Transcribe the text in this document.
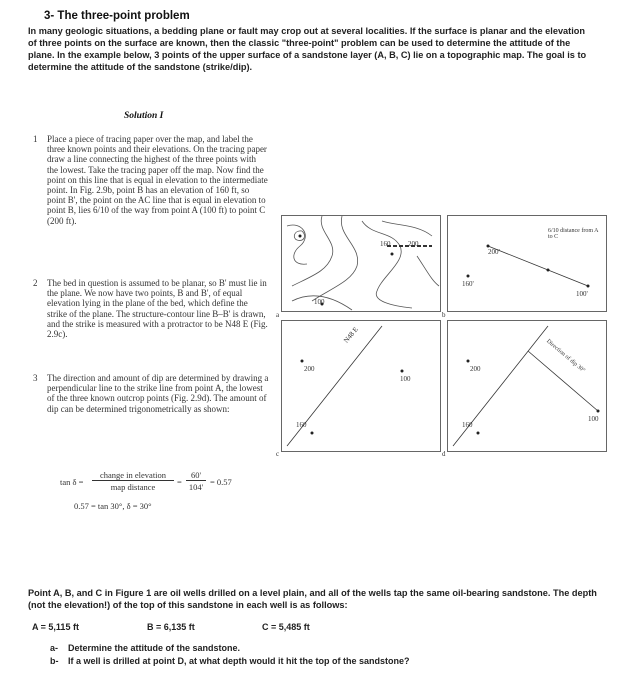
3- The three-point problem
In many geologic situations, a bedding plane or fault may crop out at several localities. If the surface is planar and the elevation of three points on the surface are known, then the classic "three-point" problem can be used to determine the attitude of the plane. In the example below, 3 points of the upper surface of a sandstone layer (A, B, C) lie on a topographic map. The goal is to determine the attitude of the sandstone (strike/dip).
Solution I
1 Place a piece of tracing paper over the map, and label the three known points and their elevations. On the tracing paper draw a line connecting the highest of the three points with the lowest. Take the tracing paper off the map. Now find the point on this line that is equal in elevation to the intermediate point. In Fig. 2.9b, point B has an elevation of 160 ft, so point B', the point on the AC line that is equal in elevation to point B, lies 6/10 of the way from point A (100 ft) to point C (200 ft).
2 The bed in question is assumed to be planar, so B' must lie in the plane. We now have two points, B and B', of equal elevation lying in the plane of the bed, which define the strike of the plane. The structure-contour line B–B' is drawn, and the strike is measured with a protractor to be N48 E (Fig. 2.9c).
3 The direction and amount of dip are determined by drawing a perpendicular line to the strike line from point A, the lowest of the three known outcrop points (Fig. 2.9d). The amount of dip can be determined trigonometrically as shown:
tan δ =
change in elevation
map distance	=
60'
104' = 0.57
0.57 = tan 30°, δ = 30°
160	200
100
a
200'
160'
100'
6/10 distance from A to C
b
200
160
100
N48 E
c
200
160
100
Direction of dip 30°
d
Point A, B, and C in Figure 1 are oil wells drilled on a level plain, and all of the wells tap the same oil-bearing sandstone. The depth (not the elevation!) of the top of this sandstone in each well is as follows:
A = 5,115 ft	B = 6,135 ft	C = 5,485 ft
a- Determine the attitude of the sandstone.
b- If a well is drilled at point D, at what depth would it hit the top of the sandstone?
